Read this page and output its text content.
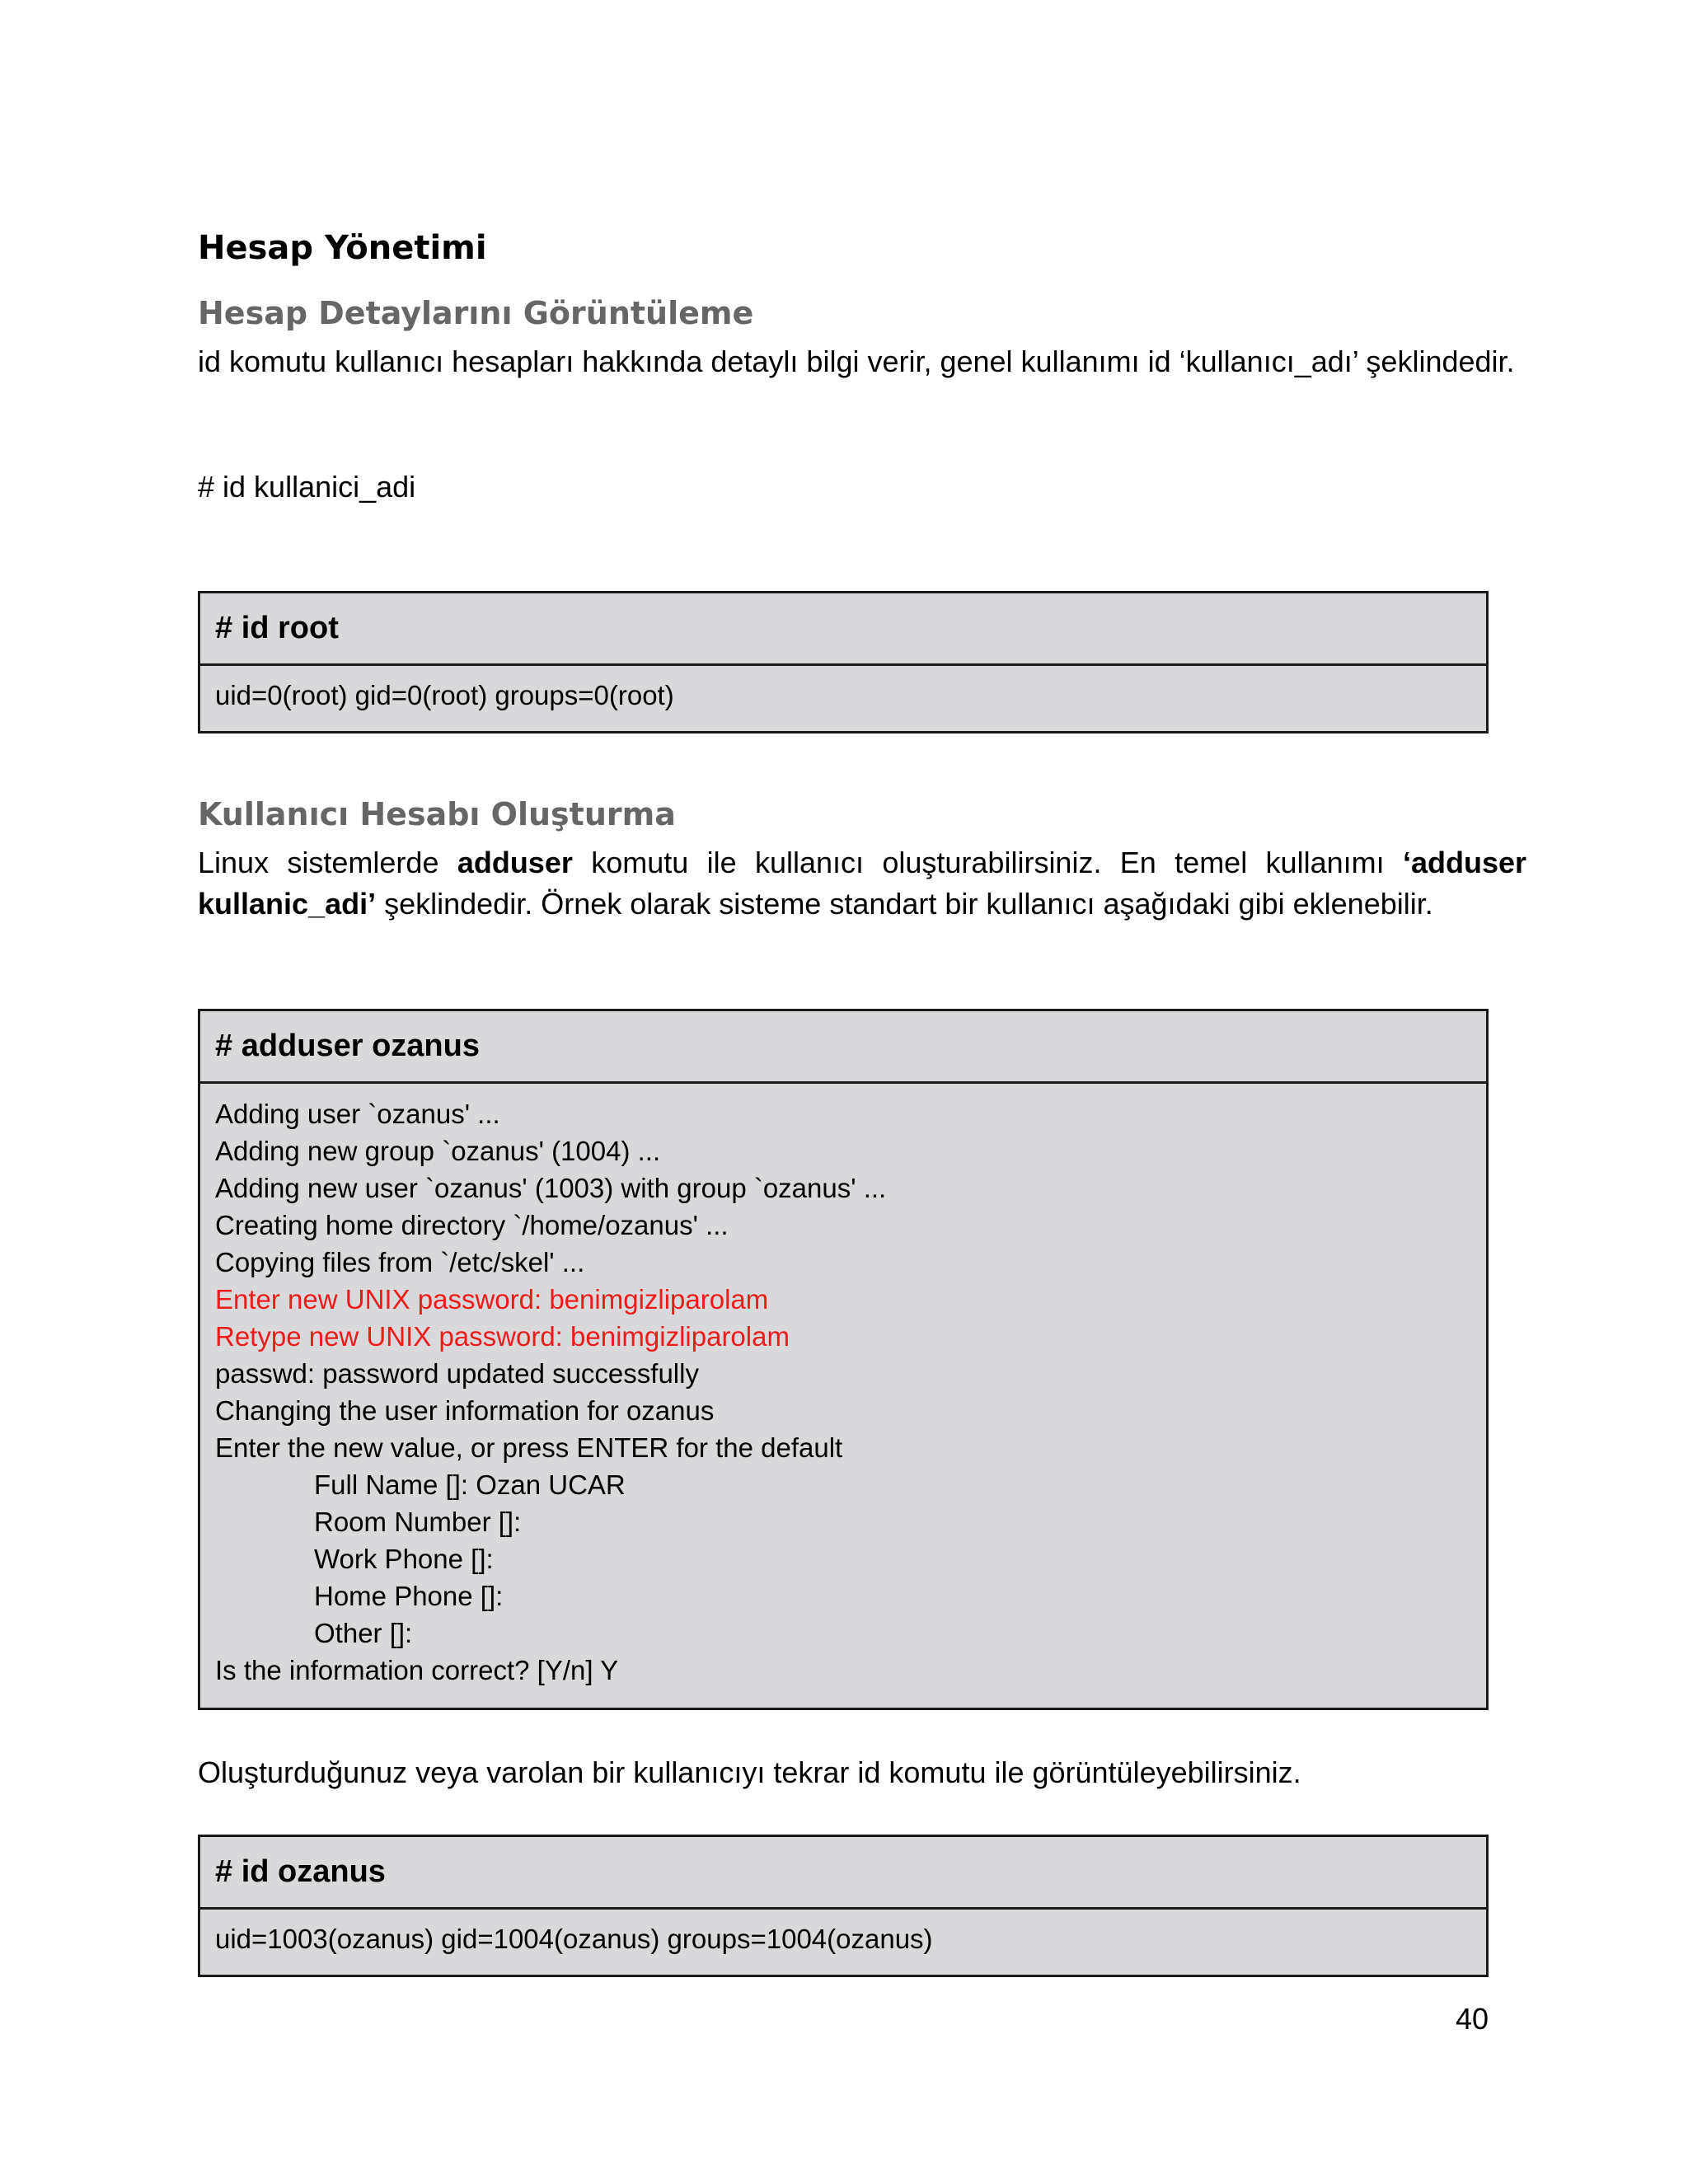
Hesap Yönetimi
Hesap Detaylarını Görüntüleme
id komutu kullanıcı hesapları hakkında detaylı bilgi verir, genel kullanımı id ‘kullanıcı_adı’ şeklindedir.
# id kullanici_adi
# id root
uid=0(root) gid=0(root) groups=0(root)
Kullanıcı Hesabı Oluşturma
Linux sistemlerde adduser komutu ile kullanıcı oluşturabilirsiniz. En temel kullanımı ‘adduser kullanic_adi’ şeklindedir. Örnek olarak sisteme standart bir kullanıcı aşağıdaki gibi eklenebilir.
# adduser ozanus
Adding user `ozanus' ...
Adding new group `ozanus' (1004) ...
Adding new user `ozanus' (1003) with group `ozanus' ...
Creating home directory `/home/ozanus' ...
Copying files from `/etc/skel' ...
Enter new UNIX password: benimgizliparolam
Retype new UNIX password: benimgizliparolam
passwd: password updated successfully
Changing the user information for ozanus
Enter the new value, or press ENTER for the default
Full Name []: Ozan UCAR
Room Number []:
Work Phone []:
Home Phone []:
Other []:
Is the information correct? [Y/n] Y
Oluşturduğunuz veya varolan bir kullanıcıyı tekrar id komutu ile görüntüleyebilirsiniz.
# id ozanus
uid=1003(ozanus) gid=1004(ozanus) groups=1004(ozanus)
40
